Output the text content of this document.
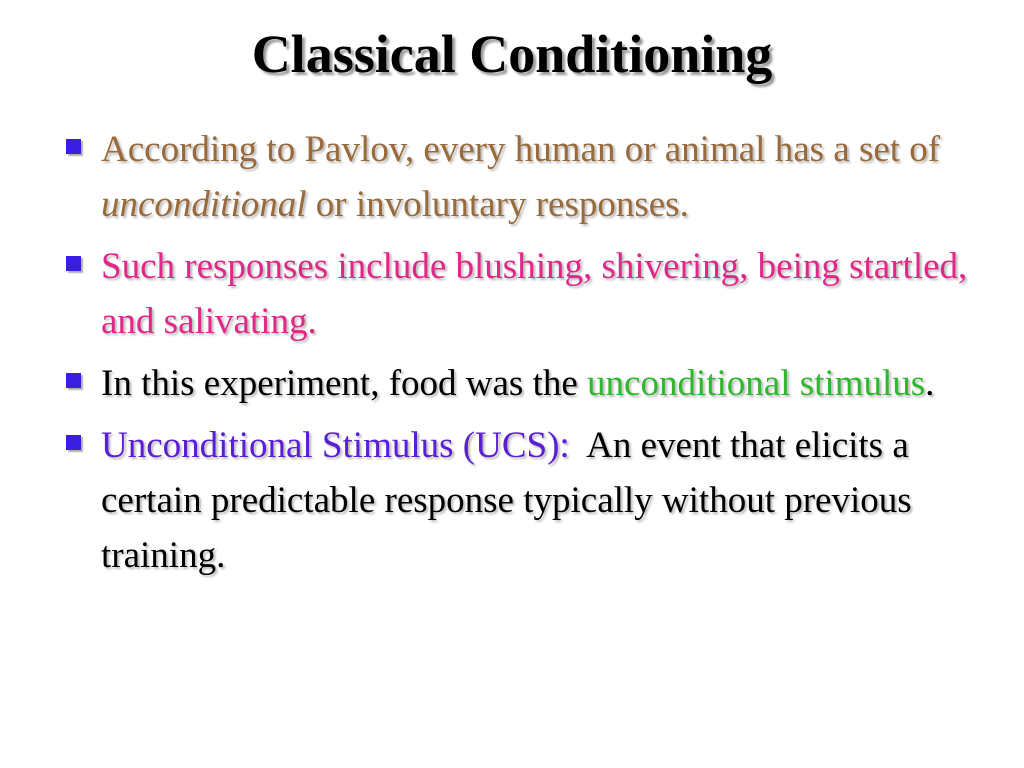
Classical Conditioning
According to Pavlov, every human or animal has a set of unconditional or involuntary responses.
Such responses include blushing, shivering, being startled, and salivating.
In this experiment, food was the unconditional stimulus.
Unconditional Stimulus (UCS):  An event that elicits a certain predictable response typically without previous training.
